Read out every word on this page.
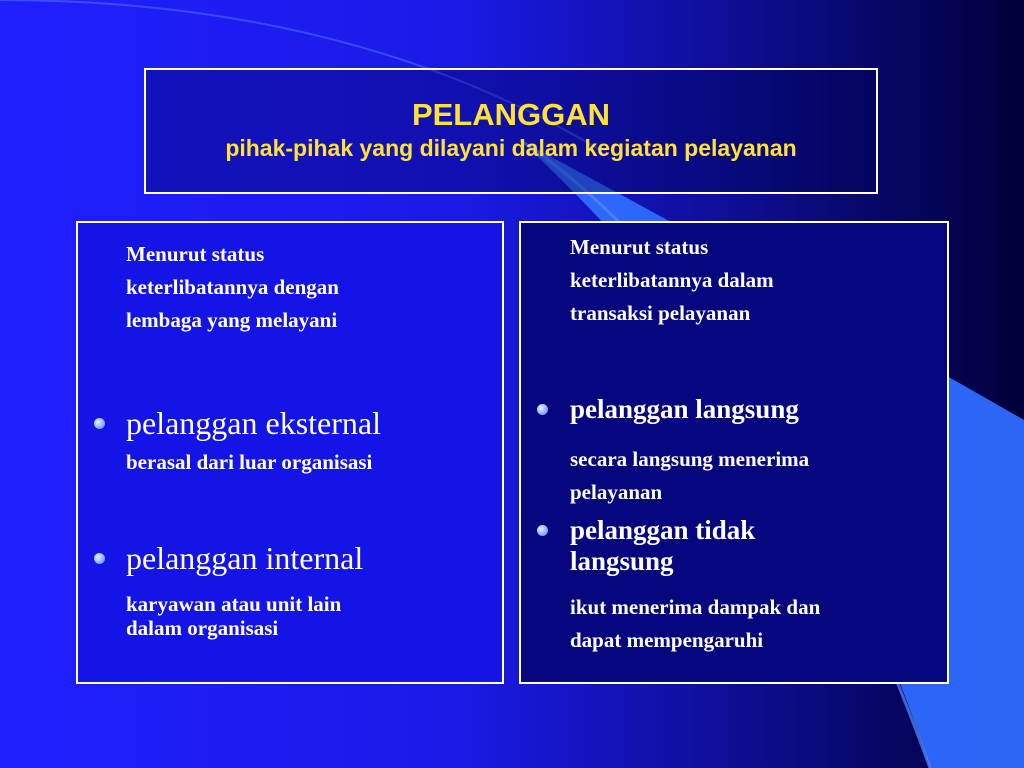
PELANGGAN
pihak-pihak yang dilayani dalam kegiatan pelayanan
Menurut status
keterlibatannya dengan
lembaga yang melayani
pelanggan eksternal
berasal dari luar organisasi
pelanggan internal
karyawan atau unit lain
dalam organisasi
Menurut status
keterlibatannya dalam
transaksi pelayanan
pelanggan langsung
secara langsung menerima
pelayanan
pelanggan tidak
langsung
ikut menerima dampak dan
dapat mempengaruhi
